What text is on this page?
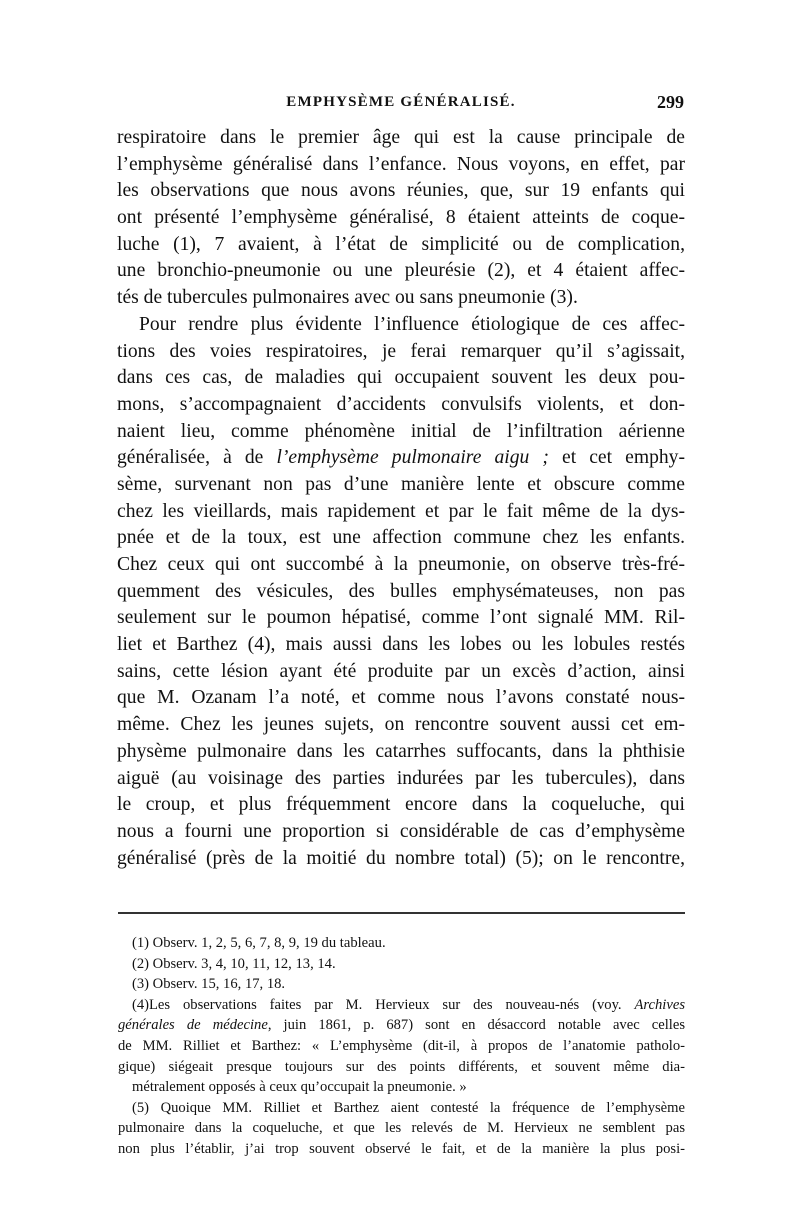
EMPHYSÈME GÉNÉRALISÉ.	299
respiratoire dans le premier âge qui est la cause principale de
l’emphysème généralisé dans l’enfance. Nous voyons, en effet, par
les observations que nous avons réunies, que, sur 19 enfants qui
ont présenté l’emphysème généralisé, 8 étaient atteints de coque-
luche (1), 7 avaient, à l’état de simplicité ou de complication,
une bronchio-pneumonie ou une pleurésie (2), et 4 étaient affec-
tés de tubercules pulmonaires avec ou sans pneumonie (3).
Pour rendre plus évidente l’influence étiologique de ces affec-
tions des voies respiratoires, je ferai remarquer qu’il s’agissait,
dans ces cas, de maladies qui occupaient souvent les deux pou-
mons, s’accompagnaient d’accidents convulsifs violents, et don-
naient lieu, comme phénomène initial de l’infiltration aérienne
généralisée, à de l’emphysème pulmonaire aigu ; et cet emphy-
sème, survenant non pas d’une manière lente et obscure comme
chez les vieillards, mais rapidement et par le fait même de la dys-
pnée et de la toux, est une affection commune chez les enfants.
Chez ceux qui ont succombé à la pneumonie, on observe très-fré-
quemment des vésicules, des bulles emphysémateuses, non pas
seulement sur le poumon hépatisé, comme l’ont signalé MM. Ril-
liet et Barthez (4), mais aussi dans les lobes ou les lobules restés
sains, cette lésion ayant été produite par un excès d’action, ainsi
que M. Ozanam l’a noté, et comme nous l’avons constaté nous-
même. Chez les jeunes sujets, on rencontre souvent aussi cet em-
physème pulmonaire dans les catarrhes suffocants, dans la phthisie
aiguë (au voisinage des parties indurées par les tubercules), dans
le croup, et plus fréquemment encore dans la coqueluche, qui
nous a fourni une proportion si considérable de cas d’emphysème
généralisé (près de la moitié du nombre total) (5); on le rencontre,
(1) Observ. 1, 2, 5, 6, 7, 8, 9, 19 du tableau.
(2) Observ. 3, 4, 10, 11, 12, 13, 14.
(3) Observ. 15, 16, 17, 18.
(4)Les observations faites par M. Hervieux sur des nouveau-nés (voy. Archives
générales de médecine, juin 1861, p. 687) sont en désaccord notable avec celles
de MM. Rilliet et Barthez: « L’emphysème (dit-il, à propos de l’anatomie patholo-
gique) siégeait presque toujours sur des points différents, et souvent même dia-
métralement opposés à ceux qu’occupait la pneumonie. »
(5) Quoique MM. Rilliet et Barthez aient contesté la fréquence de l’emphysème
pulmonaire dans la coqueluche, et que les relevés de M. Hervieux ne semblent pas
non plus l’établir, j’ai trop souvent observé le fait, et de la manière la plus posi-
